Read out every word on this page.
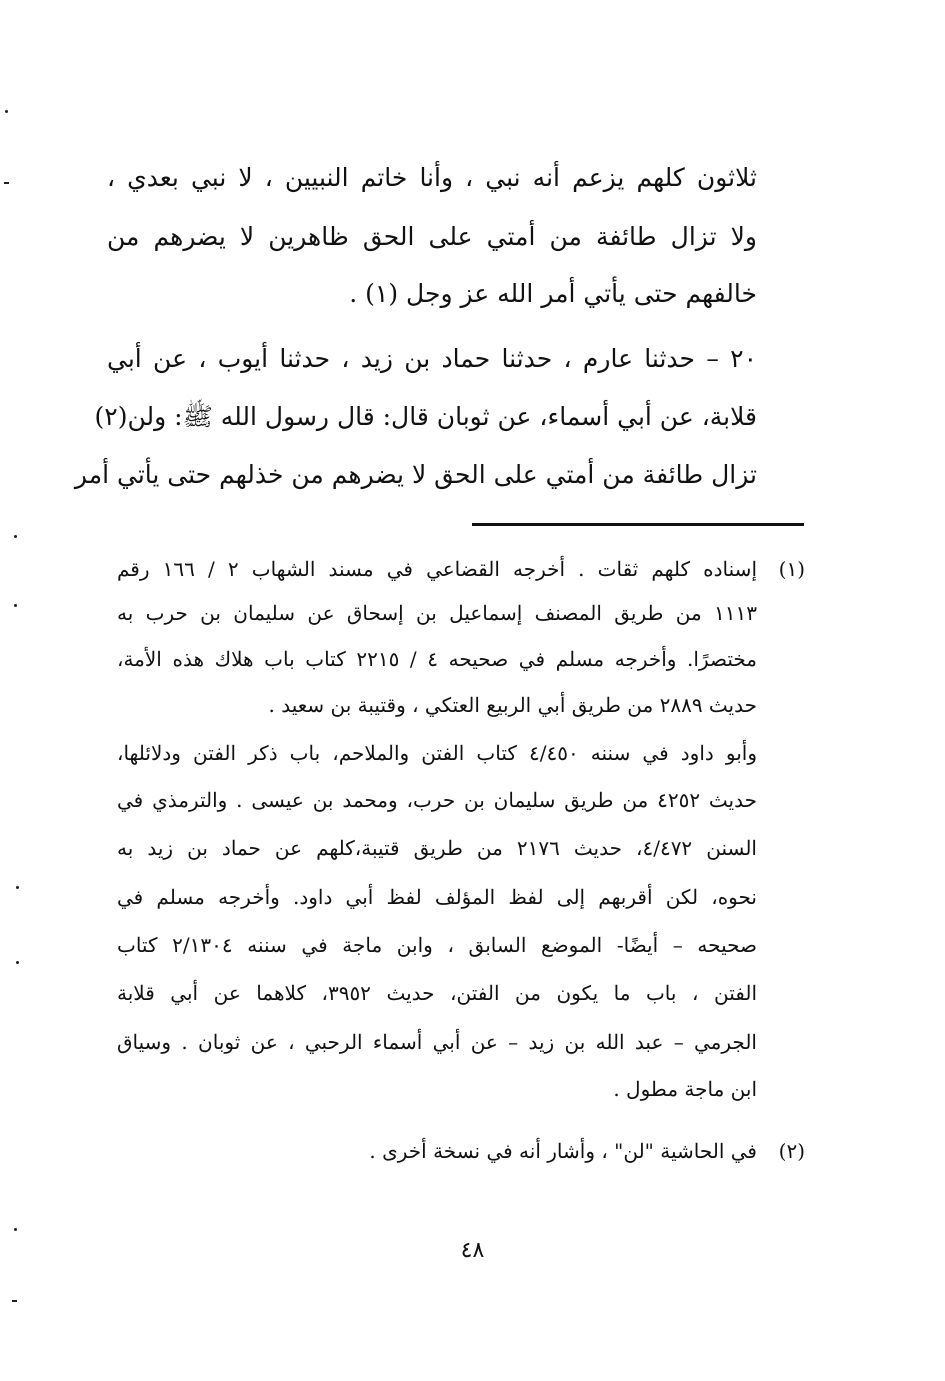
ثلاثون كلهم يزعم أنه نبي ، وأنا خاتم النبيين ، لا نبي بعدي ،
ولا تزال طائفة من أمتي على الحق ظاهرين لا يضرهم من
خالفهم حتى يأتي أمر الله عز وجل (١) .
٢٠ – حدثنا عارم ، حدثنا حماد بن زيد ، حدثنا أيوب ، عن أبي
قلابة، عن أبي أسماء، عن ثوبان قال: قال رسول الله ﷺ: ولن(٢)
تزال طائفة من أمتي على الحق لا يضرهم من خذلهم حتى يأتي أمر
(١)
إسناده كلهم ثقات . أخرجه القضاعي في مسند الشهاب ٢ / ١٦٦ رقم
١١١٣ من طريق المصنف إسماعيل بن إسحاق عن سليمان بن حرب به
مختصرًا. وأخرجه مسلم في صحيحه ٤ / ٢٢١٥ كتاب باب هلاك هذه الأمة،
حديث ٢٨٨٩ من طريق أبي الربيع العتكي ، وقتيبة بن سعيد .
وأبو داود في سننه ٤/٤٥٠ كتاب الفتن والملاحم، باب ذكر الفتن ودلائلها،
حديث ٤٢٥٢ من طريق سليمان بن حرب، ومحمد بن عيسى . والترمذي في
السنن ٤/٤٧٢، حديث ٢١٧٦ من طريق قتيبة،كلهم عن حماد بن زيد به
نحوه، لكن أقربهم إلى لفظ المؤلف لفظ أبي داود. وأخرجه مسلم في
صحيحه – أيضًا- الموضع السابق ، وابن ماجة في سننه ٢/١٣٠٤ كتاب
الفتن ، باب ما يكون من الفتن، حديث ٣٩٥٢، كلاهما عن أبي قلابة
الجرمي – عبد الله بن زيد – عن أبي أسماء الرحبي ، عن ثوبان . وسياق
ابن ماجة مطول .
(٢)
في الحاشية "لن" ، وأشار أنه في نسخة أخرى .
٤٨
